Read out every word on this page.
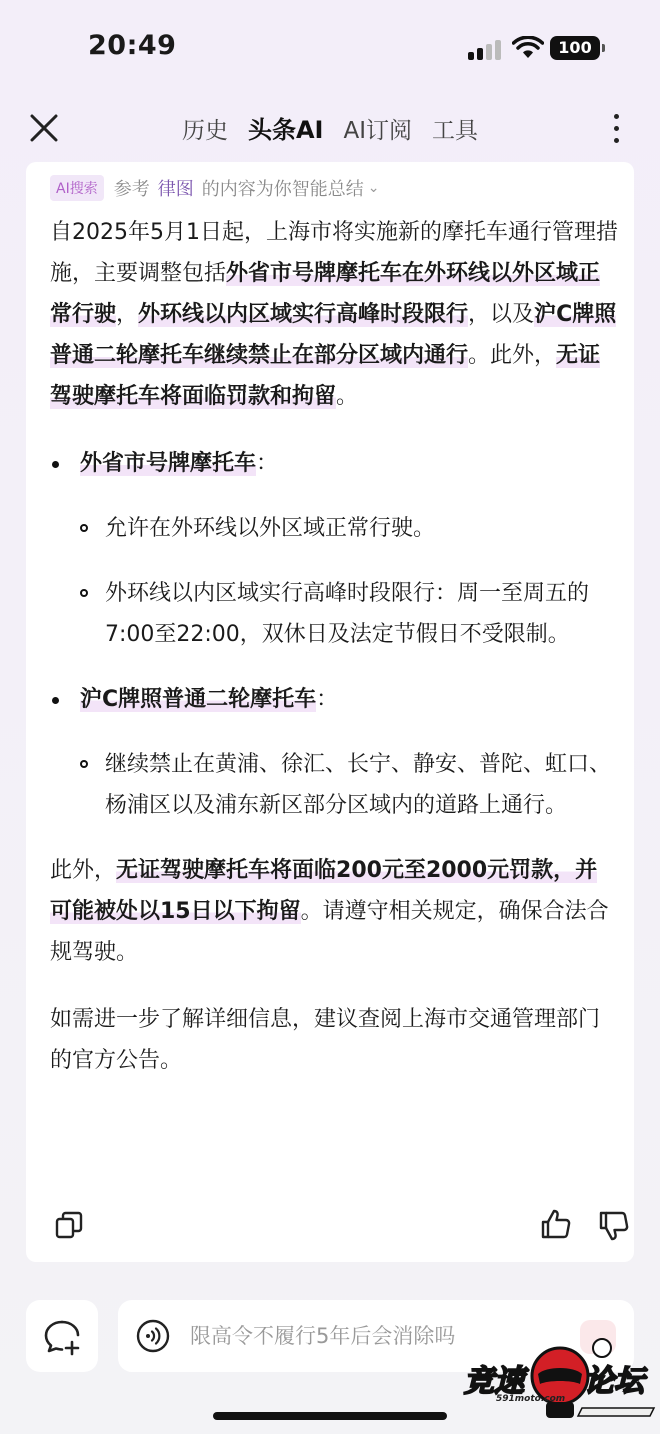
20:49	100
历史 头条AI AI订阅 工具
AI搜索 参考 律图 的内容为你智能总结 ⌄

自2025年5月1日起，上海市将实施新的摩托车通行管理措施，主要调整包括外省市号牌摩托车在外环线以外区域正常行驶，外环线以内区域实行高峰时段限行，以及沪C牌照普通二轮摩托车继续禁止在部分区域内通行。此外，无证驾驶摩托车将面临罚款和拘留。

外省市号牌摩托车：
允许在外环线以外区域正常行驶。
外环线以内区域实行高峰时段限行：周一至周五的7:00至22:00，双休日及法定节假日不受限制。
沪C牌照普通二轮摩托车：
继续禁止在黄浦、徐汇、长宁、静安、普陀、虹口、杨浦区以及浦东新区部分区域内的道路上通行。

此外，无证驾驶摩托车将面临200元至2000元罚款，并可能被处以15日以下拘留。请遵守相关规定，确保合法合规驾驶。

如需进一步了解详细信息，建议查阅上海市交通管理部门的官方公告。

限高令不履行5年后会消除吗
竞速 论坛
591moto.com
